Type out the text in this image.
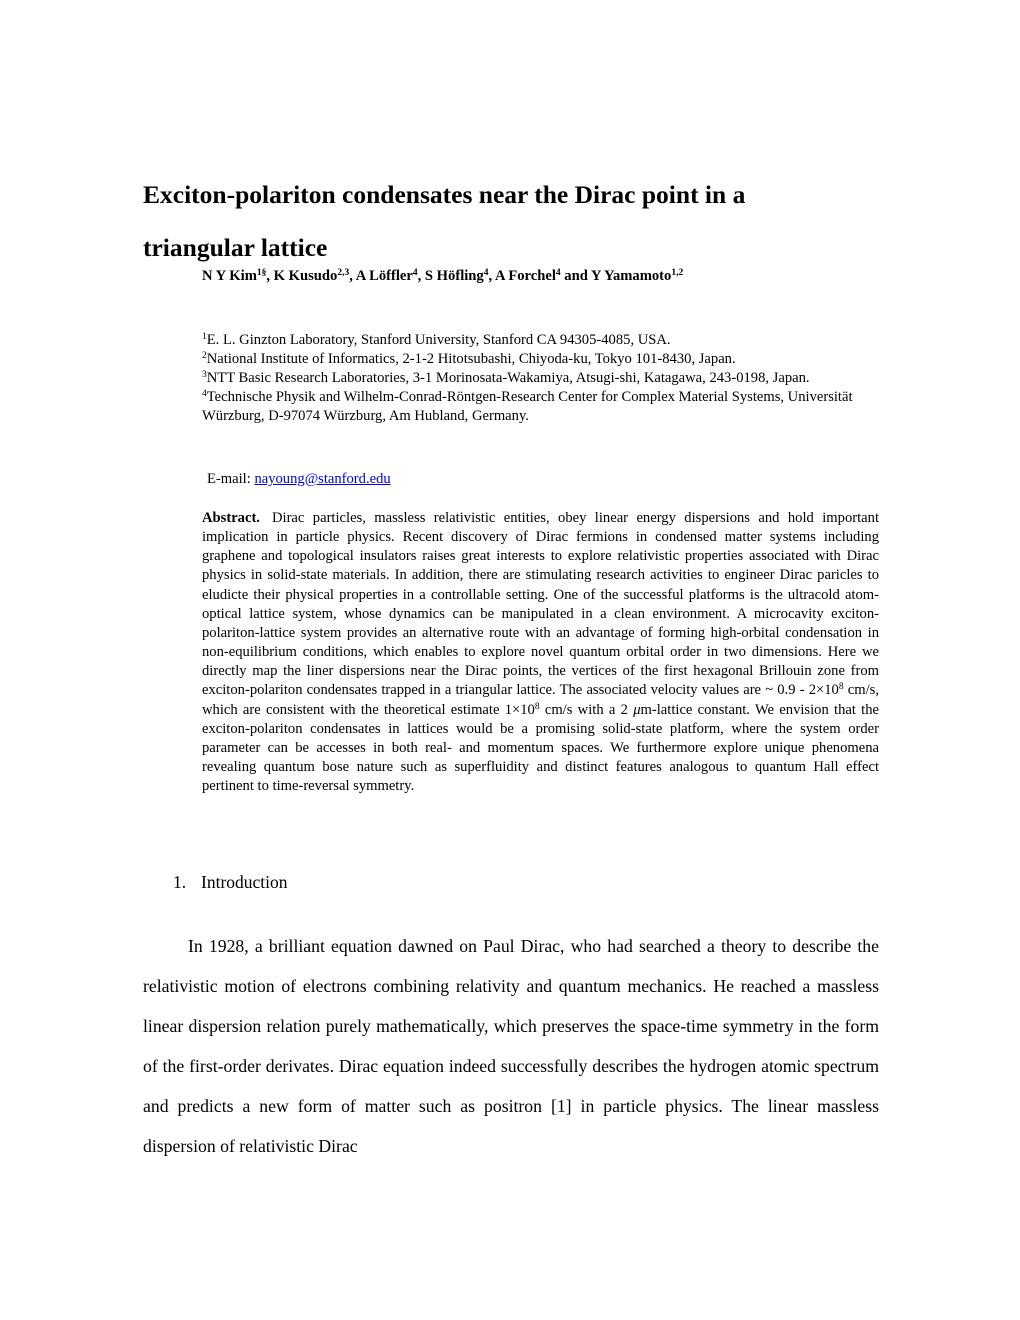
Exciton-polariton condensates near the Dirac point in a triangular lattice
N Y Kim$^{1\S}$, K Kusudo$^{2,3}$, A Löffler$^4$, S Höfling$^4$, A Forchel$^4$ and Y Yamamoto$^{1,2}$

$^1$E. L. Ginzton Laboratory, Stanford University, Stanford CA 94305-4085, USA.

$^2$National Institute of Informatics, 2-1-2 Hitotsubashi, Chiyoda-ku, Tokyo 101-8430, Japan.

$^3$NTT Basic Research Laboratories, 3-1 Morinosata-Wakamiya, Atsugi-shi, Katagawa, 243-0198, Japan.

$^4$Technische Physik and Wilhelm-Conrad-Röntgen-Research Center for Complex Material Systems, Universität Würzburg, D-97074 Würzburg, Am Hubland, Germany.

E-mail: nayoung@stanford.edu
Abstract. Dirac particles, massless relativistic entities, obey linear energy dispersions and hold important implication in particle physics. Recent discovery of Dirac fermions in condensed matter systems including graphene and topological insulators raises great interests to explore relativistic properties associated with Dirac physics in solid-state materials. In addition, there are stimulating research activities to engineer Dirac paricles to eludicte their physical properties in a controllable setting. One of the successful platforms is the ultracold atom-optical lattice system, whose dynamics can be manipulated in a clean environment. A microcavity exciton-polariton-lattice system provides an alternative route with an advantage of forming high-orbital condensation in non-equilibrium conditions, which enables to explore novel quantum orbital order in two dimensions. Here we directly map the liner dispersions near the Dirac points, the vertices of the first hexagonal Brillouin zone from exciton-polariton condensates trapped in a triangular lattice. The associated velocity values are ~ $0.9 - 2\times 10^8$ cm/s, which are consistent with the theoretical estimate $1\times 10^8$ cm/s with a 2 μm-lattice constant. We envision that the exciton-polariton condensates in lattices would be a promising solid-state platform, where the system order parameter can be accesses in both real- and momentum spaces. We furthermore explore unique phenomena revealing quantum bose nature such as superfluidity and distinct features analogous to quantum Hall effect pertinent to time-reversal symmetry.
1. Introduction
In 1928, a brilliant equation dawned on Paul Dirac, who had searched a theory to describe the relativistic motion of electrons combining relativity and quantum mechanics. He reached a massless linear dispersion relation purely mathematically, which preserves the space-time symmetry in the form of the first-order derivates. Dirac equation indeed successfully describes the hydrogen atomic spectrum and predicts a new form of matter such as positron [1] in particle physics. The linear massless dispersion of relativistic Dirac
